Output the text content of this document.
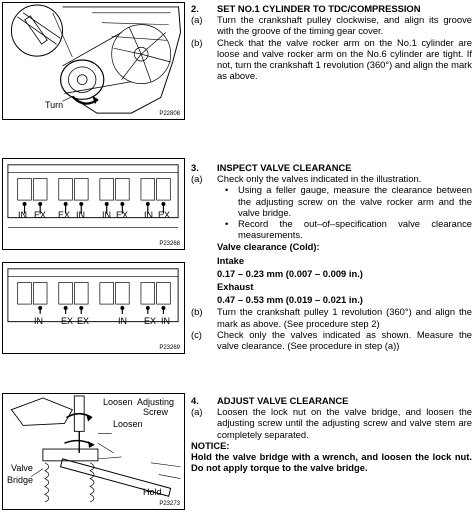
Turn
P22808
IN EX EX IN IN EX IN EX
P23268
IN EX EX	IN EX IN
P23269
Loosen Adjusting
Screw
Loosen
Valve
Bridge
Hold
P23273
2.	SET NO.1 CYLINDER TO TDC/COMPRESSION
(a)	Turn the crankshaft pulley clockwise, and align its groove with the groove of the timing gear cover.
(b)	Check that the valve rocker arm on the No.1 cylinder are loose and valve rocker arm on the No.6 cylinder are tight. If not, turn the crankshaft 1 revolution (360°) and align the mark as above.
3.	INSPECT VALVE CLEARANCE
(a)	Check only the valves indicated in the illustration.
•	Using a feller gauge, measure the clearance between the adjusting screw on the valve rocker arm and the valve bridge.
•	Record the out–of–specification valve clearance measurements.
Valve clearance (Cold):
Intake
0.17 – 0.23 mm (0.007 – 0.009 in.)
Exhaust
0.47 – 0.53 mm (0.019 – 0.021 in.)
(b)	Turn the crankshaft pulley 1 revolution (360°) and align the mark as above. (See procedure step 2)
(c)	Check only the valves indicated as shown. Measure the valve clearance. (See procedure in step (a))
4.	ADJUST VALVE CLEARANCE
(a)	Loosen the lock nut on the valve bridge, and loosen the adjusting screw until the adjusting screw and valve stem are completely separated.
NOTICE:
Hold the valve bridge with a wrench, and loosen the lock nut. Do not apply torque to the valve bridge.
